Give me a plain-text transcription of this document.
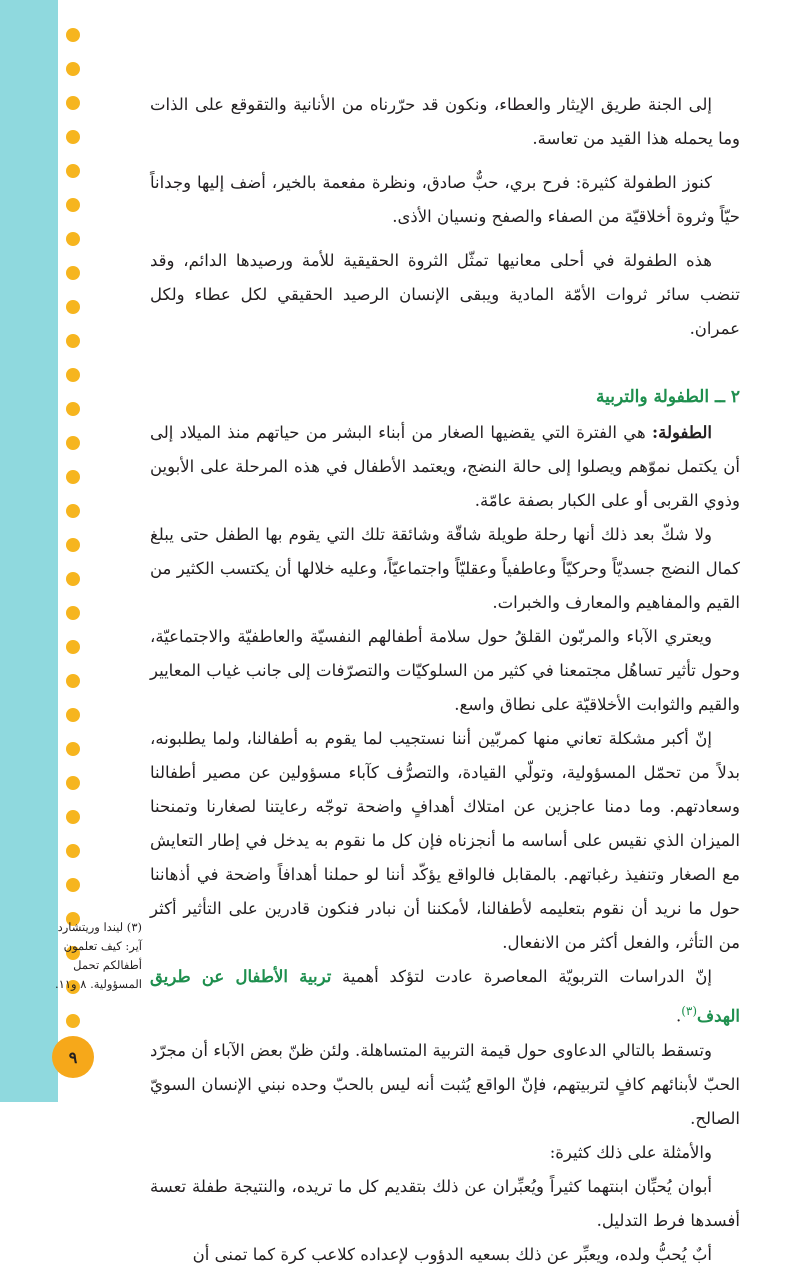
إلى الجنة طريق الإيثار والعطاء، ونكون قد حرّرناه من الأنانية والتقوقع على الذات وما يحمله هذا القيد من تعاسة.

كنوز الطفولة كثيرة: فرح بري، حبٌّ صادق، ونظرة مفعمة بالخير، أضف إليها وجداناً حيّاً وثروة أخلاقيّة من الصفاء والصفح ونسيان الأذى.

هذه الطفولة في أحلى معانيها تمثّل الثروة الحقيقية للأمة ورصيدها الدائم، وقد تنضب سائر ثروات الأمّة المادية ويبقى الإنسان الرصيد الحقيقي لكل عطاء ولكل عمران.

٢ ــ الطفولة والتربية

الطفولة: هي الفترة التي يقضيها الصغار من أبناء البشر من حياتهم منذ الميلاد إلى أن يكتمل نموّهم ويصلوا إلى حالة النضج، ويعتمد الأطفال في هذه المرحلة على الأبوين وذوي القربى أو على الكبار بصفة عامّة.

ولا شكّ بعد ذلك أنها رحلة طويلة شاقّة وشائقة تلك التي يقوم بها الطفل حتى يبلغ كمال النضج جسديّاً وحركيّاً وعاطفياً وعقليّاً واجتماعيّاً، وعليه خلالها أن يكتسب الكثير من القيم والمفاهيم والمعارف والخبرات.

ويعتري الآباء والمربّون القلقُ حول سلامة أطفالهم النفسيّة والعاطفيّة والاجتماعيّة، وحول تأثير تساهُل مجتمعنا في كثير من السلوكيّات والتصرّفات إلى جانب غياب المعايير والقيم والثوابت الأخلاقيّة على نطاق واسع.

إنّ أكبر مشكلة تعاني منها كمربّين أننا نستجيب لما يقوم به أطفالنا، ولما يطلبونه، بدلاً من تحمّل المسؤولية، وتولّي القيادة، والتصرُّف كآباء مسؤولين عن مصير أطفالنا وسعادتهم. وما دمنا عاجزين عن امتلاك أهدافٍ واضحة توجّه رعايتنا لصغارنا وتمنحنا الميزان الذي نقيس على أساسه ما أنجزناه فإن كل ما نقوم به يدخل في إطار التعايش مع الصغار وتنفيذ رغباتهم. بالمقابل فالواقع يؤكّد أننا لو حملنا أهدافاً واضحة في أذهاننا حول ما نريد أن نقوم بتعليمه لأطفالنا، لأمكننا أن نبادر فنكون قادرين على التأثير أكثر من التأثر، والفعل أكثر من الانفعال.

إنّ الدراسات التربويّة المعاصرة عادت لتؤكد أهمية تربية الأطفال عن طريق الهدف$^{(٣)}$.

وتسقط بالتالي الدعاوى حول قيمة التربية المتساهلة. ولئن ظنّ بعض الآباء أن مجرّد الحبّ لأبنائهم كافٍ لتربيتهم، فإنّ الواقع يُثبت أنه ليس بالحبّ وحده نبني الإنسان السويّ الصالح.

والأمثلة على ذلك كثيرة:

أبوان يُحبِّان ابنتهما كثيراً ويُعبِّران عن ذلك بتقديم كل ما تريده، والنتيجة طفلة تعسة أفسدها فرط التدليل.

أبٌ يُحبُّ ولده، ويعبِّر عن ذلك بسعيه الدؤوب لإعداده كلاعب كرة كما تمنى أن

(٣) ليندا وريتشارد آير: كيف تعلمون أطفالكم تحمل المسؤولية. ٨ و١١.
٩
